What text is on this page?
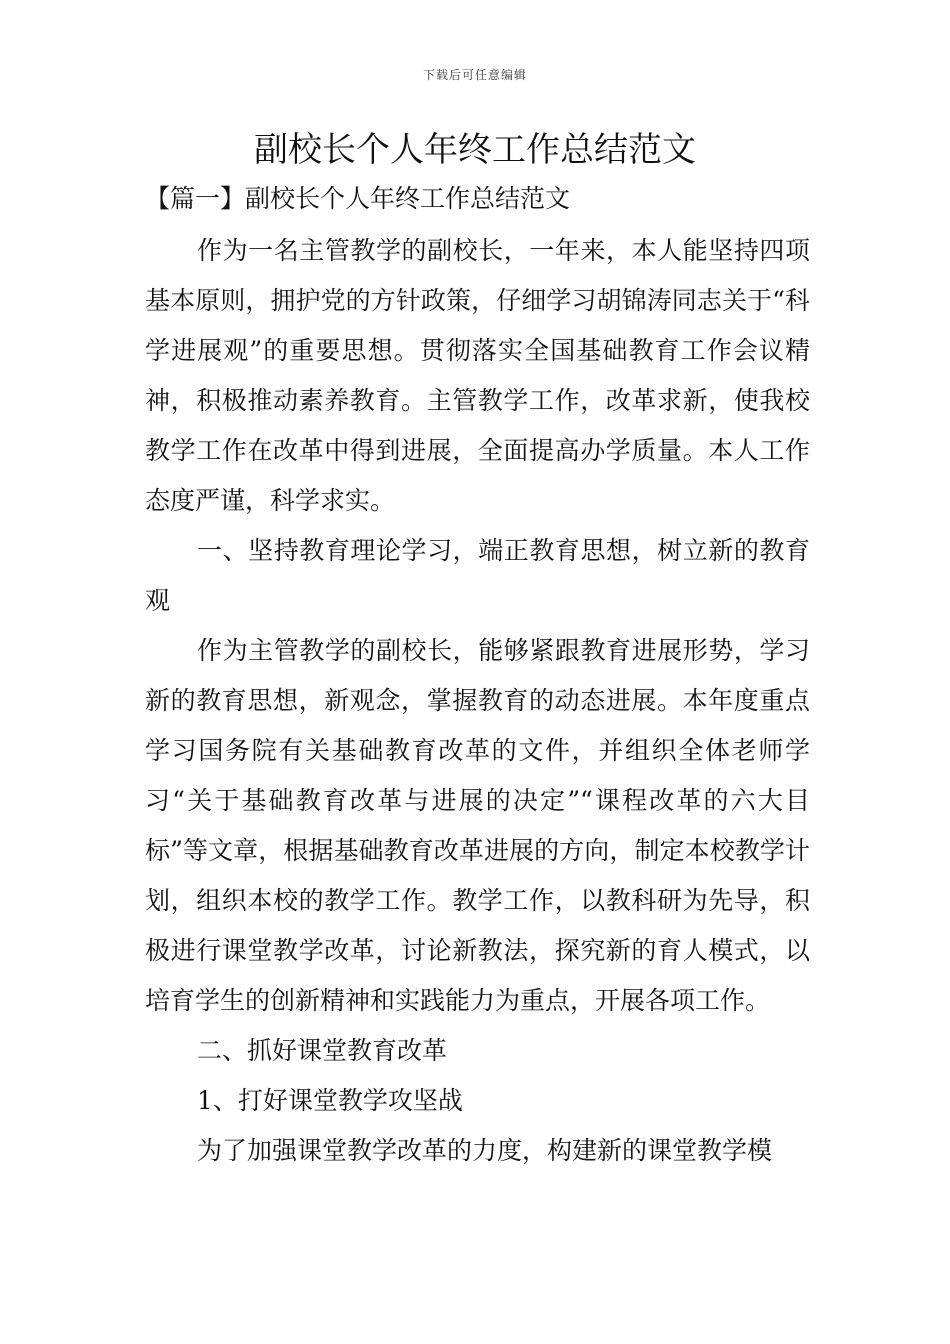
下载后可任意编辑
副校长个人年终工作总结范文
【篇一】副校长个人年终工作总结范文

作为一名主管教学的副校长，一年来，本人能坚持四项基本原则，拥护党的方针政策，仔细学习胡锦涛同志关于“科学进展观”的重要思想。贯彻落实全国基础教育工作会议精神，积极推动素养教育。主管教学工作，改革求新，使我校教学工作在改革中得到进展，全面提高办学质量。本人工作态度严谨，科学求实。

一、坚持教育理论学习，端正教育思想，树立新的教育观

作为主管教学的副校长，能够紧跟教育进展形势，学习新的教育思想，新观念，掌握教育的动态进展。本年度重点学习国务院有关基础教育改革的文件，并组织全体老师学习“关于基础教育改革与进展的决定”“课程改革的六大目标”等文章，根据基础教育改革进展的方向，制定本校教学计划，组织本校的教学工作。教学工作，以教科研为先导，积极进行课堂教学改革，讨论新教法，探究新的育人模式，以培育学生的创新精神和实践能力为重点，开展各项工作。

二、抓好课堂教育改革

1、打好课堂教学攻坚战

为了加强课堂教学改革的力度，构建新的课堂教学模
